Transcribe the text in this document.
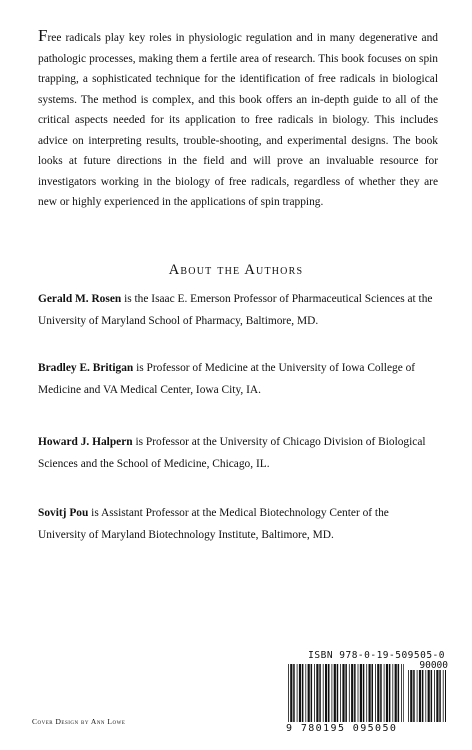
Free radicals play key roles in physiologic regulation and in many degenerative and pathologic processes, making them a fertile area of research. This book focuses on spin trapping, a sophisticated technique for the identification of free radicals in biological systems. The method is complex, and this book offers an in-depth guide to all of the critical aspects needed for its application to free radicals in biology. This includes advice on interpreting results, trouble-shooting, and experimental designs. The book looks at future directions in the field and will prove an invaluable resource for investigators working in the biology of free radicals, regardless of whether they are new or highly experienced in the applications of spin trapping.
About the Authors
Gerald M. Rosen is the Isaac E. Emerson Professor of Pharmaceutical Sciences at the University of Maryland School of Pharmacy, Baltimore, MD.
Bradley E. Britigan is Professor of Medicine at the University of Iowa College of Medicine and VA Medical Center, Iowa City, IA.
Howard J. Halpern is Professor at the University of Chicago Division of Biological Sciences and the School of Medicine, Chicago, IL.
Sovitj Pou is Assistant Professor at the Medical Biotechnology Center of the University of Maryland Biotechnology Institute, Baltimore, MD.
ISBN 978-0-19-509505-0
90000
9 780195 095050
Cover Design by Ann Lowe
